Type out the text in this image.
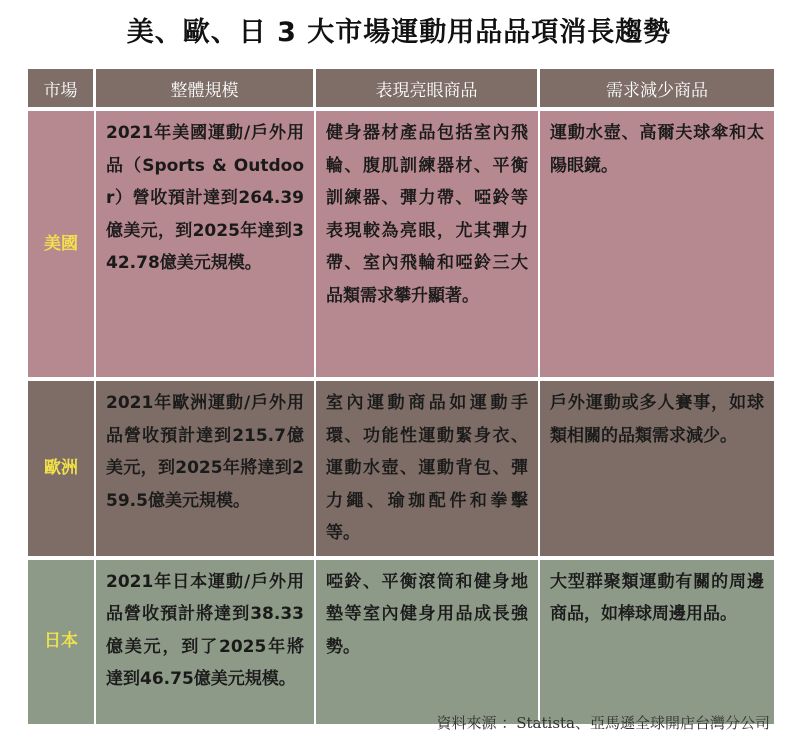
美、歐、日 3 大市場運動用品品項消長趨勢
市場	整體規模	表現亮眼商品	需求減少商品
美國	2021年美國運動/戶外用品（Sports & Outdoor）營收預計達到264.39億美元，到2025年達到342.78億美元規模。	健身器材產品包括室內飛輪、腹肌訓練器材、平衡訓練器、彈力帶、啞鈴等表現較為亮眼，尤其彈力帶、室內飛輪和啞鈴三大品類需求攀升顯著。	運動水壺、高爾夫球傘和太陽眼鏡。

歐洲	2021年歐洲運動/戶外用品營收預計達到215.7億美元，到2025年將達到259.5億美元規模。	室內運動商品如運動手環、功能性運動緊身衣、運動水壺、運動背包、彈力繩、瑜珈配件和拳擊等。	戶外運動或多人賽事，如球類相關的品類需求減少。

日本	2021年日本運動/戶外用品營收預計將達到38.33億美元，到了2025年將達到46.75億美元規模。	啞鈴、平衡滾筒和健身地墊等室內健身用品成長強勢。	大型群聚類運動有關的周邊商品，如棒球周邊用品。
資料來源 ：Statista、亞馬遜全球開店台灣分公司
